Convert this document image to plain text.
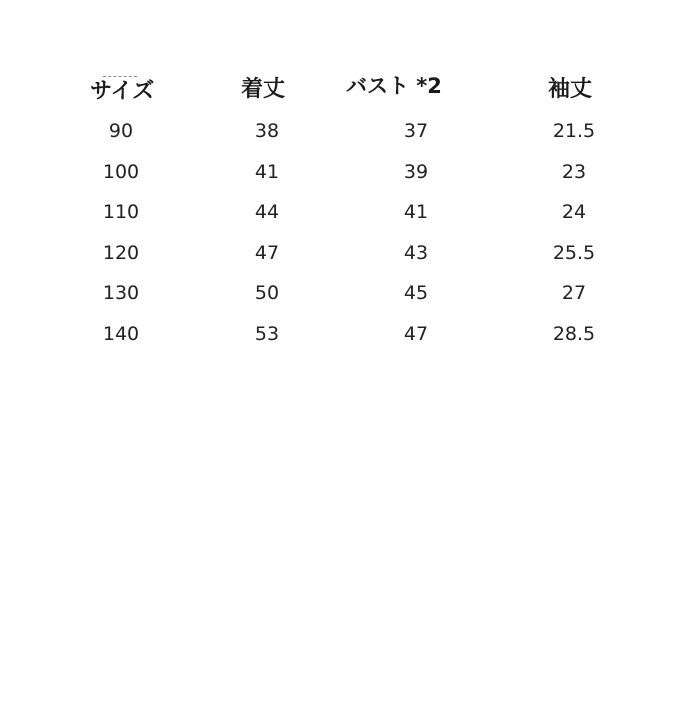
サイズ	着丈	バスト *2	袖丈
90	38	37	21.5
100	41	39	23
110	44	41	24
120	47	43	25.5
130	50	45	27
140	53	47	28.5
